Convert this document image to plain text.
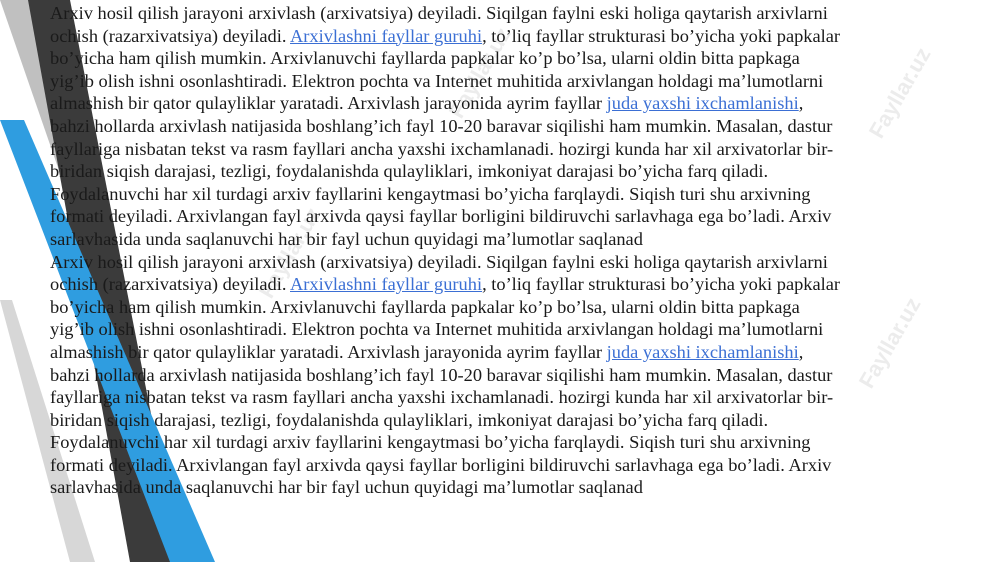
Fayllar.uz
Fayllar.uz
Fayllar.uz
Fayllar.uz
Arxiv hosil qilish jarayoni arxivlash (arxivatsiya) deyiladi. Siqilgan faylni eski holiga qaytarish arxivlarni
ochish (razarxivatsiya) deyiladi. Arxivlashni fayllar guruhi, to’liq fayllar strukturasi bo’yicha yoki papkalar
bo’yicha ham qilish mumkin. Arxivlanuvchi fayllarda papkalar ko’p bo’lsa, ularni oldin bitta papkaga
yig’ib olish ishni osonlashtiradi. Elektron pochta va Internet muhitida arxivlangan holdagi ma’lumotlarni
almashish bir qator qulayliklar yaratadi. Arxivlash jarayonida ayrim fayllar juda yaxshi ixchamlanishi,
bahzi hollarda arxivlash natijasida boshlang’ich fayl 10-20 baravar siqilishi ham mumkin. Masalan, dastur
fayllariga nisbatan tekst va rasm fayllari ancha yaxshi ixchamlanadi. hozirgi kunda har xil arxivatorlar bir-
biridan siqish darajasi, tezligi, foydalanishda qulayliklari, imkoniyat darajasi bo’yicha farq qiladi.
Foydalanuvchi har xil turdagi arxiv fayllarini kengaytmasi bo’yicha farqlaydi. Siqish turi shu arxivning
formati deyiladi. Arxivlangan fayl arxivda qaysi fayllar borligini bildiruvchi sarlavhaga ega bo’ladi. Arxiv
sarlavhasida unda saqlanuvchi har bir fayl uchun quyidagi ma’lumotlar saqlanad
Arxiv hosil qilish jarayoni arxivlash (arxivatsiya) deyiladi. Siqilgan faylni eski holiga qaytarish arxivlarni
ochish (razarxivatsiya) deyiladi. Arxivlashni fayllar guruhi, to’liq fayllar strukturasi bo’yicha yoki papkalar
bo’yicha ham qilish mumkin. Arxivlanuvchi fayllarda papkalar ko’p bo’lsa, ularni oldin bitta papkaga
yig’ib olish ishni osonlashtiradi. Elektron pochta va Internet muhitida arxivlangan holdagi ma’lumotlarni
almashish bir qator qulayliklar yaratadi. Arxivlash jarayonida ayrim fayllar juda yaxshi ixchamlanishi,
bahzi hollarda arxivlash natijasida boshlang’ich fayl 10-20 baravar siqilishi ham mumkin. Masalan, dastur
fayllariga nisbatan tekst va rasm fayllari ancha yaxshi ixchamlanadi. hozirgi kunda har xil arxivatorlar bir-
biridan siqish darajasi, tezligi, foydalanishda qulayliklari, imkoniyat darajasi bo’yicha farq qiladi.
Foydalanuvchi har xil turdagi arxiv fayllarini kengaytmasi bo’yicha farqlaydi. Siqish turi shu arxivning
formati deyiladi. Arxivlangan fayl arxivda qaysi fayllar borligini bildiruvchi sarlavhaga ega bo’ladi. Arxiv
sarlavhasida unda saqlanuvchi har bir fayl uchun quyidagi ma’lumotlar saqlanad
